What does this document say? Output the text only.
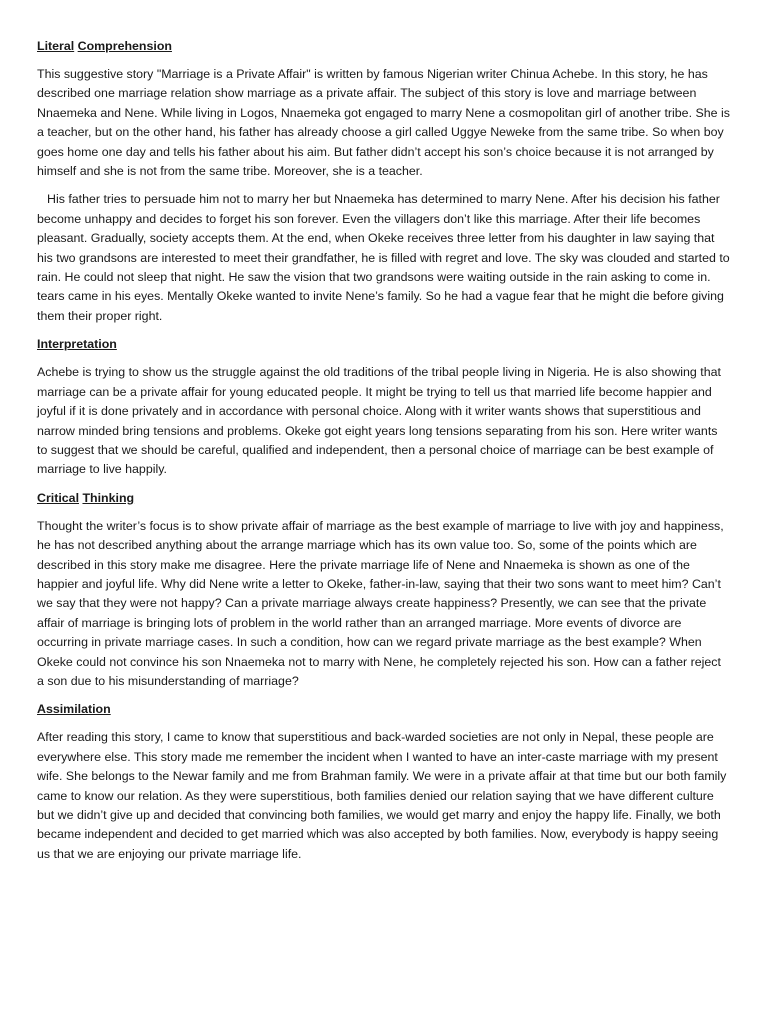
Literal Comprehension

This suggestive story "Marriage is a Private Affair" is written by famous Nigerian writer Chinua Achebe. In this story, he has described one marriage relation show marriage as a private affair. The subject of this story is love and marriage between Nnaemeka and Nene. While living in Logos, Nnaemeka got engaged to marry Nene a cosmopolitan girl of another tribe. She is a teacher, but on the other hand, his father has already choose a girl called Uggye Neweke from the same tribe. So when boy goes home one day and tells his father about his aim. But father didn’t accept his son’s choice because it is not arranged by himself and she is not from the same tribe. Moreover, she is a teacher.

His father tries to persuade him not to marry her but Nnaemeka has determined to marry Nene. After his decision his father become unhappy and decides to forget his son forever. Even the villagers don’t like this marriage. After their life becomes pleasant. Gradually, society accepts them. At the end, when Okeke receives three letter from his daughter in law saying that his two grandsons are interested to meet their grandfather, he is filled with regret and love. The sky was clouded and started to rain. He could not sleep that night. He saw the vision that two grandsons were waiting outside in the rain asking to come in. tears came in his eyes. Mentally Okeke wanted to invite Nene’s family. So he had a vague fear that he might die before giving them their proper right.

Interpretation

Achebe is trying to show us the struggle against the old traditions of the tribal people living in Nigeria. He is also showing that marriage can be a private affair for young educated people. It might be trying to tell us that married life become happier and joyful if it is done privately and in accordance with personal choice. Along with it writer wants shows that superstitious and narrow minded bring tensions and problems. Okeke got eight years long tensions separating from his son. Here writer wants to suggest that we should be careful, qualified and independent, then a personal choice of marriage can be best example of marriage to live happily.

Critical Thinking

Thought the writer’s focus is to show private affair of marriage as the best example of marriage to live with joy and happiness, he has not described anything about the arrange marriage which has its own value too. So, some of the points which are described in this story make me disagree. Here the private marriage life of Nene and Nnaemeka is shown as one of the happier and joyful life. Why did Nene write a letter to Okeke, father-in-law, saying that their two sons want to meet him? Can’t we say that they were not happy? Can a private marriage always create happiness? Presently, we can see that the private affair of marriage is bringing lots of problem in the world rather than an arranged marriage. More events of divorce are occurring in private marriage cases. In such a condition, how can we regard private marriage as the best example? When Okeke could not convince his son Nnaemeka not to marry with Nene, he completely rejected his son. How can a father reject a son due to his misunderstanding of marriage?

Assimilation

After reading this story, I came to know that superstitious and back-warded societies are not only in Nepal, these people are everywhere else. This story made me remember the incident when I wanted to have an inter-caste marriage with my present wife. She belongs to the Newar family and me from Brahman family. We were in a private affair at that time but our both family came to know our relation. As they were superstitious, both families denied our relation saying that we have different culture but we didn’t give up and decided that convincing both families, we would get marry and enjoy the happy life. Finally, we both became independent and decided to get married which was also accepted by both families. Now, everybody is happy seeing us that we are enjoying our private marriage life.
